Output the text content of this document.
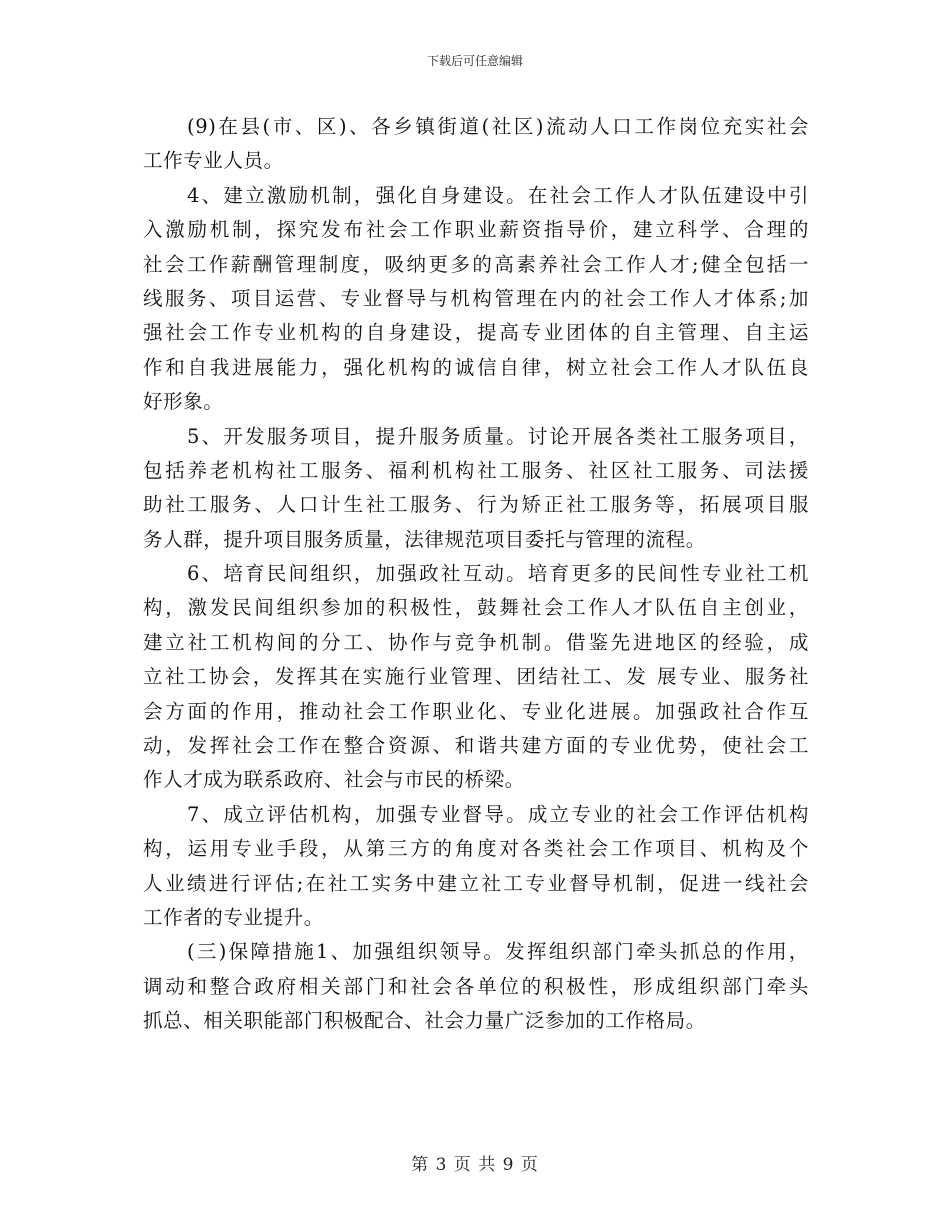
下载后可任意编辑
(9)在县(市、区)、各乡镇街道(社区)流动人口工作岗位充实社会
工作专业人员。
4、建立激励机制，强化自身建设。在社会工作人才队伍建设中引
入激励机制，探究发布社会工作职业薪资指导价，建立科学、合理的
社会工作薪酬管理制度，吸纳更多的高素养社会工作人才;健全包括一
线服务、项目运营、专业督导与机构管理在内的社会工作人才体系;加
强社会工作专业机构的自身建设，提高专业团体的自主管理、自主运
作和自我进展能力，强化机构的诚信自律，树立社会工作人才队伍良
好形象。
5、开发服务项目，提升服务质量。讨论开展各类社工服务项目，
包括养老机构社工服务、福利机构社工服务、社区社工服务、司法援
助社工服务、人口计生社工服务、行为矫正社工服务等，拓展项目服
务人群，提升项目服务质量，法律规范项目委托与管理的流程。
6、培育民间组织，加强政社互动。培育更多的民间性专业社工机
构，激发民间组织参加的积极性，鼓舞社会工作人才队伍自主创业，
建立社工机构间的分工、协作与竞争机制。借鉴先进地区的经验，成
立社工协会，发挥其在实施行业管理、团结社工、发 展专业、服务社
会方面的作用，推动社会工作职业化、专业化进展。加强政社合作互
动，发挥社会工作在整合资源、和谐共建方面的专业优势，使社会工
作人才成为联系政府、社会与市民的桥梁。
7、成立评估机构，加强专业督导。成立专业的社会工作评估机构
构，运用专业手段，从第三方的角度对各类社会工作项目、机构及个
人业绩进行评估;在社工实务中建立社工专业督导机制，促进一线社会
工作者的专业提升。
(三)保障措施1、加强组织领导。发挥组织部门牵头抓总的作用，
调动和整合政府相关部门和社会各单位的积极性，形成组织部门牵头
抓总、相关职能部门积极配合、社会力量广泛参加的工作格局。
第 3 页 共 9 页
